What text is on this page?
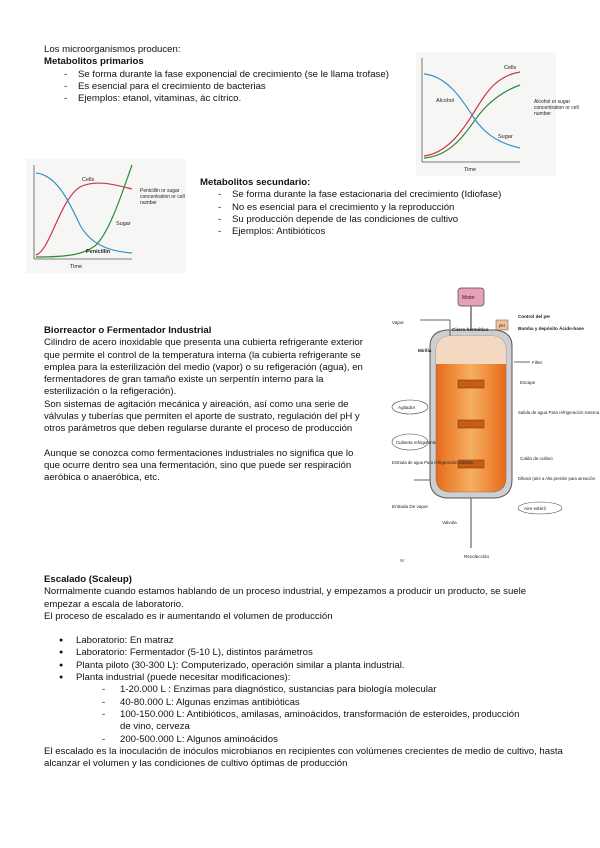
Los microorganismos producen:

Metabolitos primarios

- Se forma durante la fase exponencial de crecimiento (se le llama trofase)
- Es esencial para el crecimiento de bacterias
- Ejemplos: etanol, vitaminas, ác cítrico.
Cells
Alcohol
Sugar
Time
Alcohol or sugar concentration or cell number
Cells
Sugar
Penicillin
Time
Penicillin or sugar concentration or cell number

Metabolitos secundario:

- Se forma durante la fase estacionaria del crecimiento (Idiofase)
- No es esencial para el crecimiento y la reproducción
- Su producción depende de las condiciones de cultivo
- Ejemplos: Antibióticos

Biorreactor o Fermentador Industrial

Cilindro de acero inoxidable que presenta una cubierta refrigerante exterior que permite el control de la temperatura interna (la cubierta refrigerante se emplea para la esterilización del medio (vapor) o su refigeración (agua), en fermentadores de gran tamaño existe un serpentín interno para la esterilización o la refigeración).

Son sistemas de agitación mecánica y aireación, así como una serie de válvulas y tuberías que permiten el aporte de sustrato, regulación del pH y otros parámetros que deben regularse durante el proceso de producción

Aunque se conozca como fermentaciones industriales no significa que lo que ocurre dentro sea una fermentación, sino que puede ser respiración aeróbica o anaeróbica, etc.

Motor
pH
Vapor
Control del pH
Bomba y depósito Ácido-base
Cierre hermético
Mirilla
Filter
Escape
Agitador
Salida de agua Para refrigeración externa
Cubierta refrigerante
Caldo de cultivo
Entrada de agua Para refrigeración externa
Difusor (aire a Alta presión para aireación
Aire estéril
Entrada De vapor
Valvula
Recolección
W

Escalado (Scaleup)

Normalmente cuando estamos hablando de un proceso industrial, y empezamos a producir un producto, se suele empezar a escala de laboratorio.

El proceso de escalado es ir aumentando el volumen de producción

● Laboratorio: En matraz
● Laboratorio: Fermentador (5-10 L), distintos parámetros
● Planta piloto (30-300 L): Computerizado, operación similar a planta industrial.
● Planta industrial (puede necesitar modificaciones):
- 1-20.000 L : Enzimas para diagnóstico, sustancias para biología molecular
- 40-80.000 L: Algunas enzimas antibióticas
- 100-150.000 L: Antibióticos, amilasas, aminoácidos, transformación de esteroides, producción de vino, cerveza
- 200-500.000 L: Algunos aminoácidos

El escalado es la inoculación de inóculos microbianos en recipientes con volúmenes crecientes de medio de cultivo, hasta alcanzar el volumen y las condiciones de cultivo óptimas de producción
